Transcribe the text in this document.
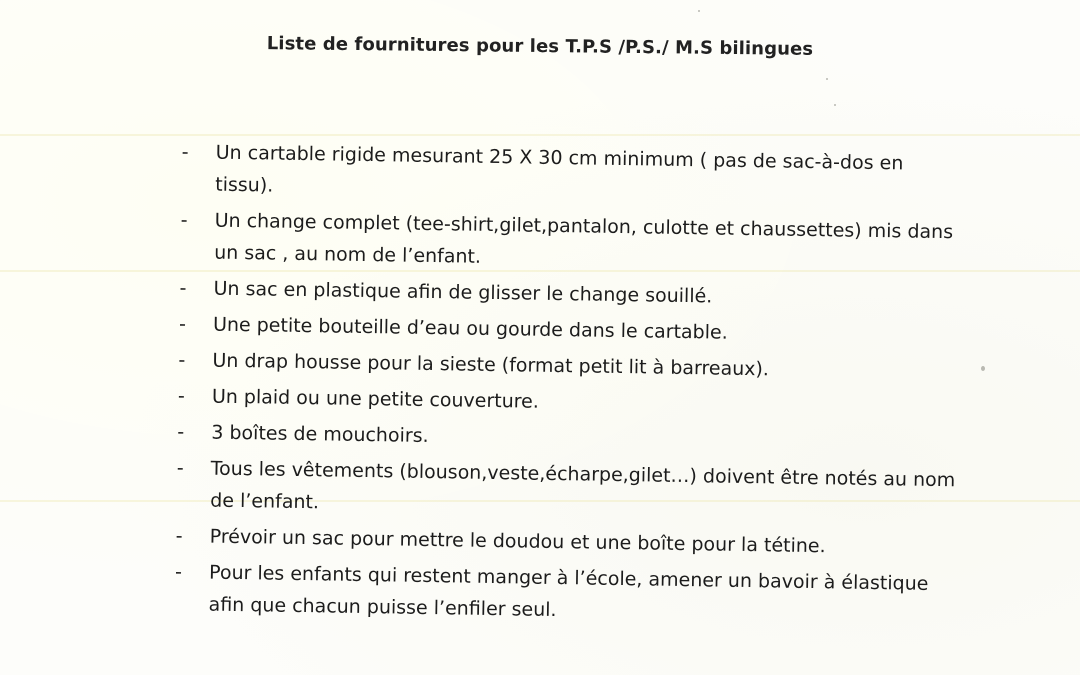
Liste de fournitures pour les T.P.S /P.S./ M.S bilingues
- Un cartable rigide mesurant 25 X 30 cm minimum ( pas de sac-à-dos en tissu).
- Un change complet (tee-shirt,gilet,pantalon, culotte et chaussettes) mis dans un sac , au nom de l’enfant.
- Un sac en plastique afin de glisser le change souillé.
- Une petite bouteille d’eau ou gourde dans le cartable.
- Un drap housse pour la sieste (format petit lit à barreaux).
- Un plaid ou une petite couverture.
- 3 boîtes de mouchoirs.
- Tous les vêtements (blouson,veste,écharpe,gilet…) doivent être notés au nom de l’enfant.
- Prévoir un sac pour mettre le doudou et une boîte pour la tétine.
- Pour les enfants qui restent manger à l’école, amener un bavoir à élastique afin que chacun puisse l’enfiler seul.
